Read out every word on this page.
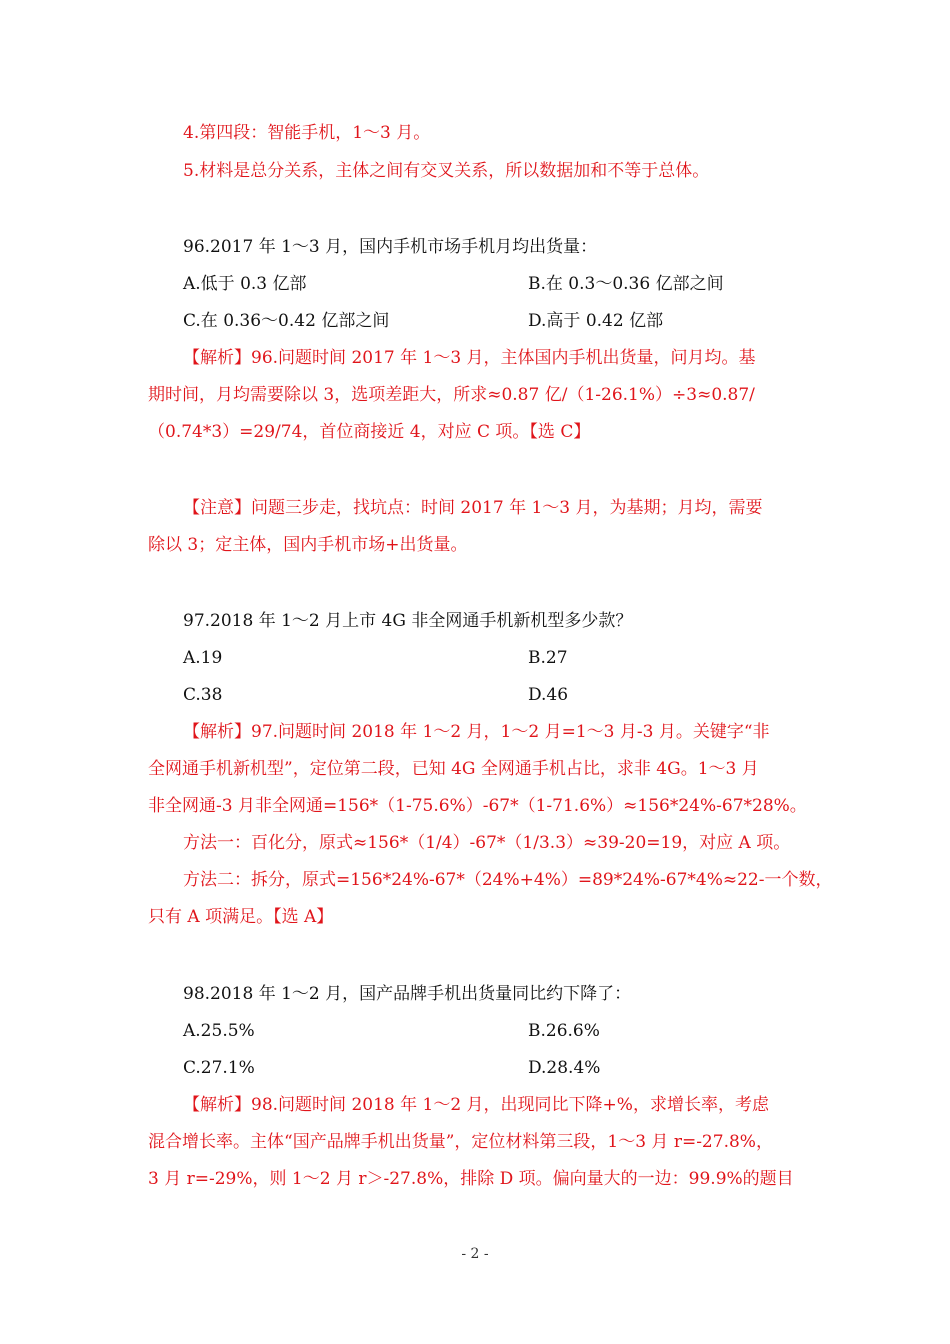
4.第四段：智能手机，1～3 月。

5.材料是总分关系，主体之间有交叉关系，所以数据加和不等于总体。

96.2017 年 1～3 月，国内手机市场手机月均出货量：

A.低于 0.3 亿部	B.在 0.3～0.36 亿部之间

C.在 0.36～0.42 亿部之间	D.高于 0.42 亿部

【解析】96.问题时间 2017 年 1～3 月，主体国内手机出货量，问月均。基

期时间，月均需要除以 3，选项差距大，所求≈0.87 亿/（1-26.1%）÷3≈0.87/

（0.74*3）=29/74，首位商接近 4，对应 C 项。【选 C】

【注意】问题三步走，找坑点：时间 2017 年 1～3 月，为基期；月均，需要

除以 3；定主体，国内手机市场+出货量。

97.2018 年 1～2 月上市 4G 非全网通手机新机型多少款？

A.19	B.27

C.38	D.46

【解析】97.问题时间 2018 年 1～2 月，1～2 月=1～3 月-3 月。关键字“非

全网通手机新机型”，定位第二段，已知 4G 全网通手机占比，求非 4G。1～3 月

非全网通-3 月非全网通=156*（1-75.6%）-67*（1-71.6%）≈156*24%-67*28%。

方法一：百化分，原式≈156*（1/4）-67*（1/3.3）≈39-20=19，对应 A 项。

方法二：拆分，原式=156*24%-67*（24%+4%）=89*24%-67*4%≈22-一个数，

只有 A 项满足。【选 A】

98.2018 年 1～2 月，国产品牌手机出货量同比约下降了：

A.25.5%	B.26.6%

C.27.1%	D.28.4%

【解析】98.问题时间 2018 年 1～2 月，出现同比下降+%，求增长率，考虑

混合增长率。主体“国产品牌手机出货量”，定位材料第三段，1～3 月 r=-27.8%，

3 月 r=-29%，则 1～2 月 r＞-27.8%，排除 D 项。偏向量大的一边：99.9%的题目

- 2 -
